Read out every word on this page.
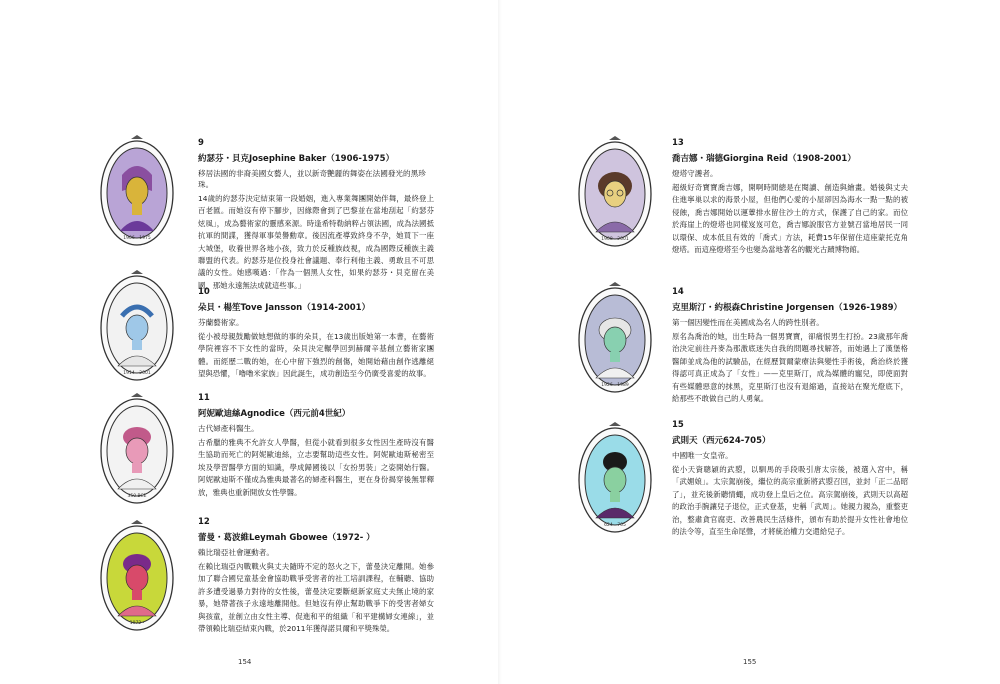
1906 - 1975

9

約瑟芬・貝克Josephine Baker（1906-1975）

移居法國的非裔美國女藝人，並以新奇艷麗的舞姿在法國發光的黑珍珠。

14歲的約瑟芬決定結束第一段婚姻，進入專業舞團開始伴舞，最終登上百老匯。而她沒有停下腳步，因緣際會到了巴黎並在當地刮起「約瑟芬炫風」，成為藝術家的靈感來源。時逢希特勒納粹占領法國，成為法國抵抗軍的間諜，獲得軍事榮譽勳章。後因流產導致終身不孕，她買下一座大城堡，收養世界各地小孩，致力於反種族歧視，成為國際反種族主義聯盟的代表。約瑟芬是位投身社會議題、奉行利他主義、勇敢且不可思議的女性。她感嘆過：「作為一個黑人女性，如果約瑟芬・貝克留在美國，那她永遠無法成就這些事。」

1914 - 2001

10

朵貝・楊笙Tove Jansson（1914-2001）

芬蘭藝術家。

從小被母親鼓勵做她想做的事的朵貝，在13歲出版她第一本書，在藝術學院裡容不下女性的當時，朵貝決定輾學回到赫爾辛基創立藝術家團體。而經歷二戰的她，在心中留下強烈的創傷，她開始藉由創作逃離絕望與恐懼，「嚕嚕米家族」因此誕生，成功創造至今仍廣受喜愛的故事。

350 BCE

11

阿妮歐迪絲Agnodice（西元前4世紀）

古代婦產科醫生。

古希臘的雅典不允許女人學醫，但從小就看到很多女性因生產時沒有醫生協助而死亡的阿妮歐迪絲，立志要幫助這些女性。阿妮歐迪斯秘密至埃及學習醫學方面的知識，學成歸國後以「女扮男裝」之姿開始行醫。阿妮歐迪斯不僅成為雅典最著名的婦產科醫生，更在身份揭穿後無罪釋放，雅典也重新開放女性學醫。

1972 -

12

蕾曼・葛波維Leymah Gbowee（1972- ）

賴比瑞亞社會運動者。

在賴比瑞亞內戰戰火與丈夫隨時不定的怒火之下，蕾曼決定離開。她參加了聯合國兒童基金會協助戰爭受害者的社工培訓課程，在輔聽、協助許多遭受過暴力對待的女性後，蕾曼決定要斷絕新家庭丈夫無止境的家暴，她帶著孩子永遠地離開他。但她沒有停止幫助戰爭下的受害者婦女與孩童，並創立由女性主導、促進和平的組織「和平建構婦女連線」，並帶領賴比瑞亞結束內戰，於2011年獲得諾貝爾和平獎殊榮。

154
1908 - 2001

13

喬吉娜・瑞德Giorgina Reid（1908-2001）

燈塔守護者。

超級好奇寶寶喬吉娜，開啊時間總是在閱讀、創造與繪畫。婚後與丈夫住進寧巢以求的海景小屋，但他們心愛的小屋卻因為海水一點一點的被侵蝕，喬吉娜開始以運蕈排水留住沙土的方式，保護了自己的家。而位於海崖上的燈塔也同樣岌岌可危，喬吉娜說服官方並號召當地居民一同以環保、成本低且有效的「喬式」方法，耗費15年保留住這座蒙托克角燈塔。而這座燈塔至今也變為當地著名的觀光古蹟博物館。

1926 - 1989

14

克里斯汀・約根森Christine Jorgensen（1926-1989）

第一個因變性而在美國成為名人的跨性別者。

原名為喬治的她，出生時為一個男寶寶，卻痛恨男生打扮。23歲那年喬治決定前往丹麥為那激底迷失自我的問題尋找解答，而她遇上了漢堡格醫師並成為他的試驗品，在經歷賀爾蒙療法與變性手術後，喬治終於獲得認可真正成為了「女性」——克里斯汀，成為媒體的寵兒，即使面對有些媒體惡意的抹黑，克里斯汀也沒有退縮過，直接站在聚光燈底下，給那些不敢做自己的人勇氣。

624 - 705

15

武則天（西元624-705）

中國唯一女皇帝。

從小天資聰穎的武曌，以馴馬的手段吸引唐太宗後，被選入宮中，稱「武媚娘」。太宗駕崩後，繼位的高宗重新將武曌召回，並封「正二品昭了」，並充後新聽情蠅，成功登上皇后之位。高宗駕崩後，武則天以高超的政治手腕讓兒子退位，正式登基，史稱「武周」。她親力親為，重整吏治，整肅貪官腐吏、改善農民生活條件，頒布有助於提升女性社會地位的法令等，直至生命尾聲，才將統治權力交還給兒子。

155
